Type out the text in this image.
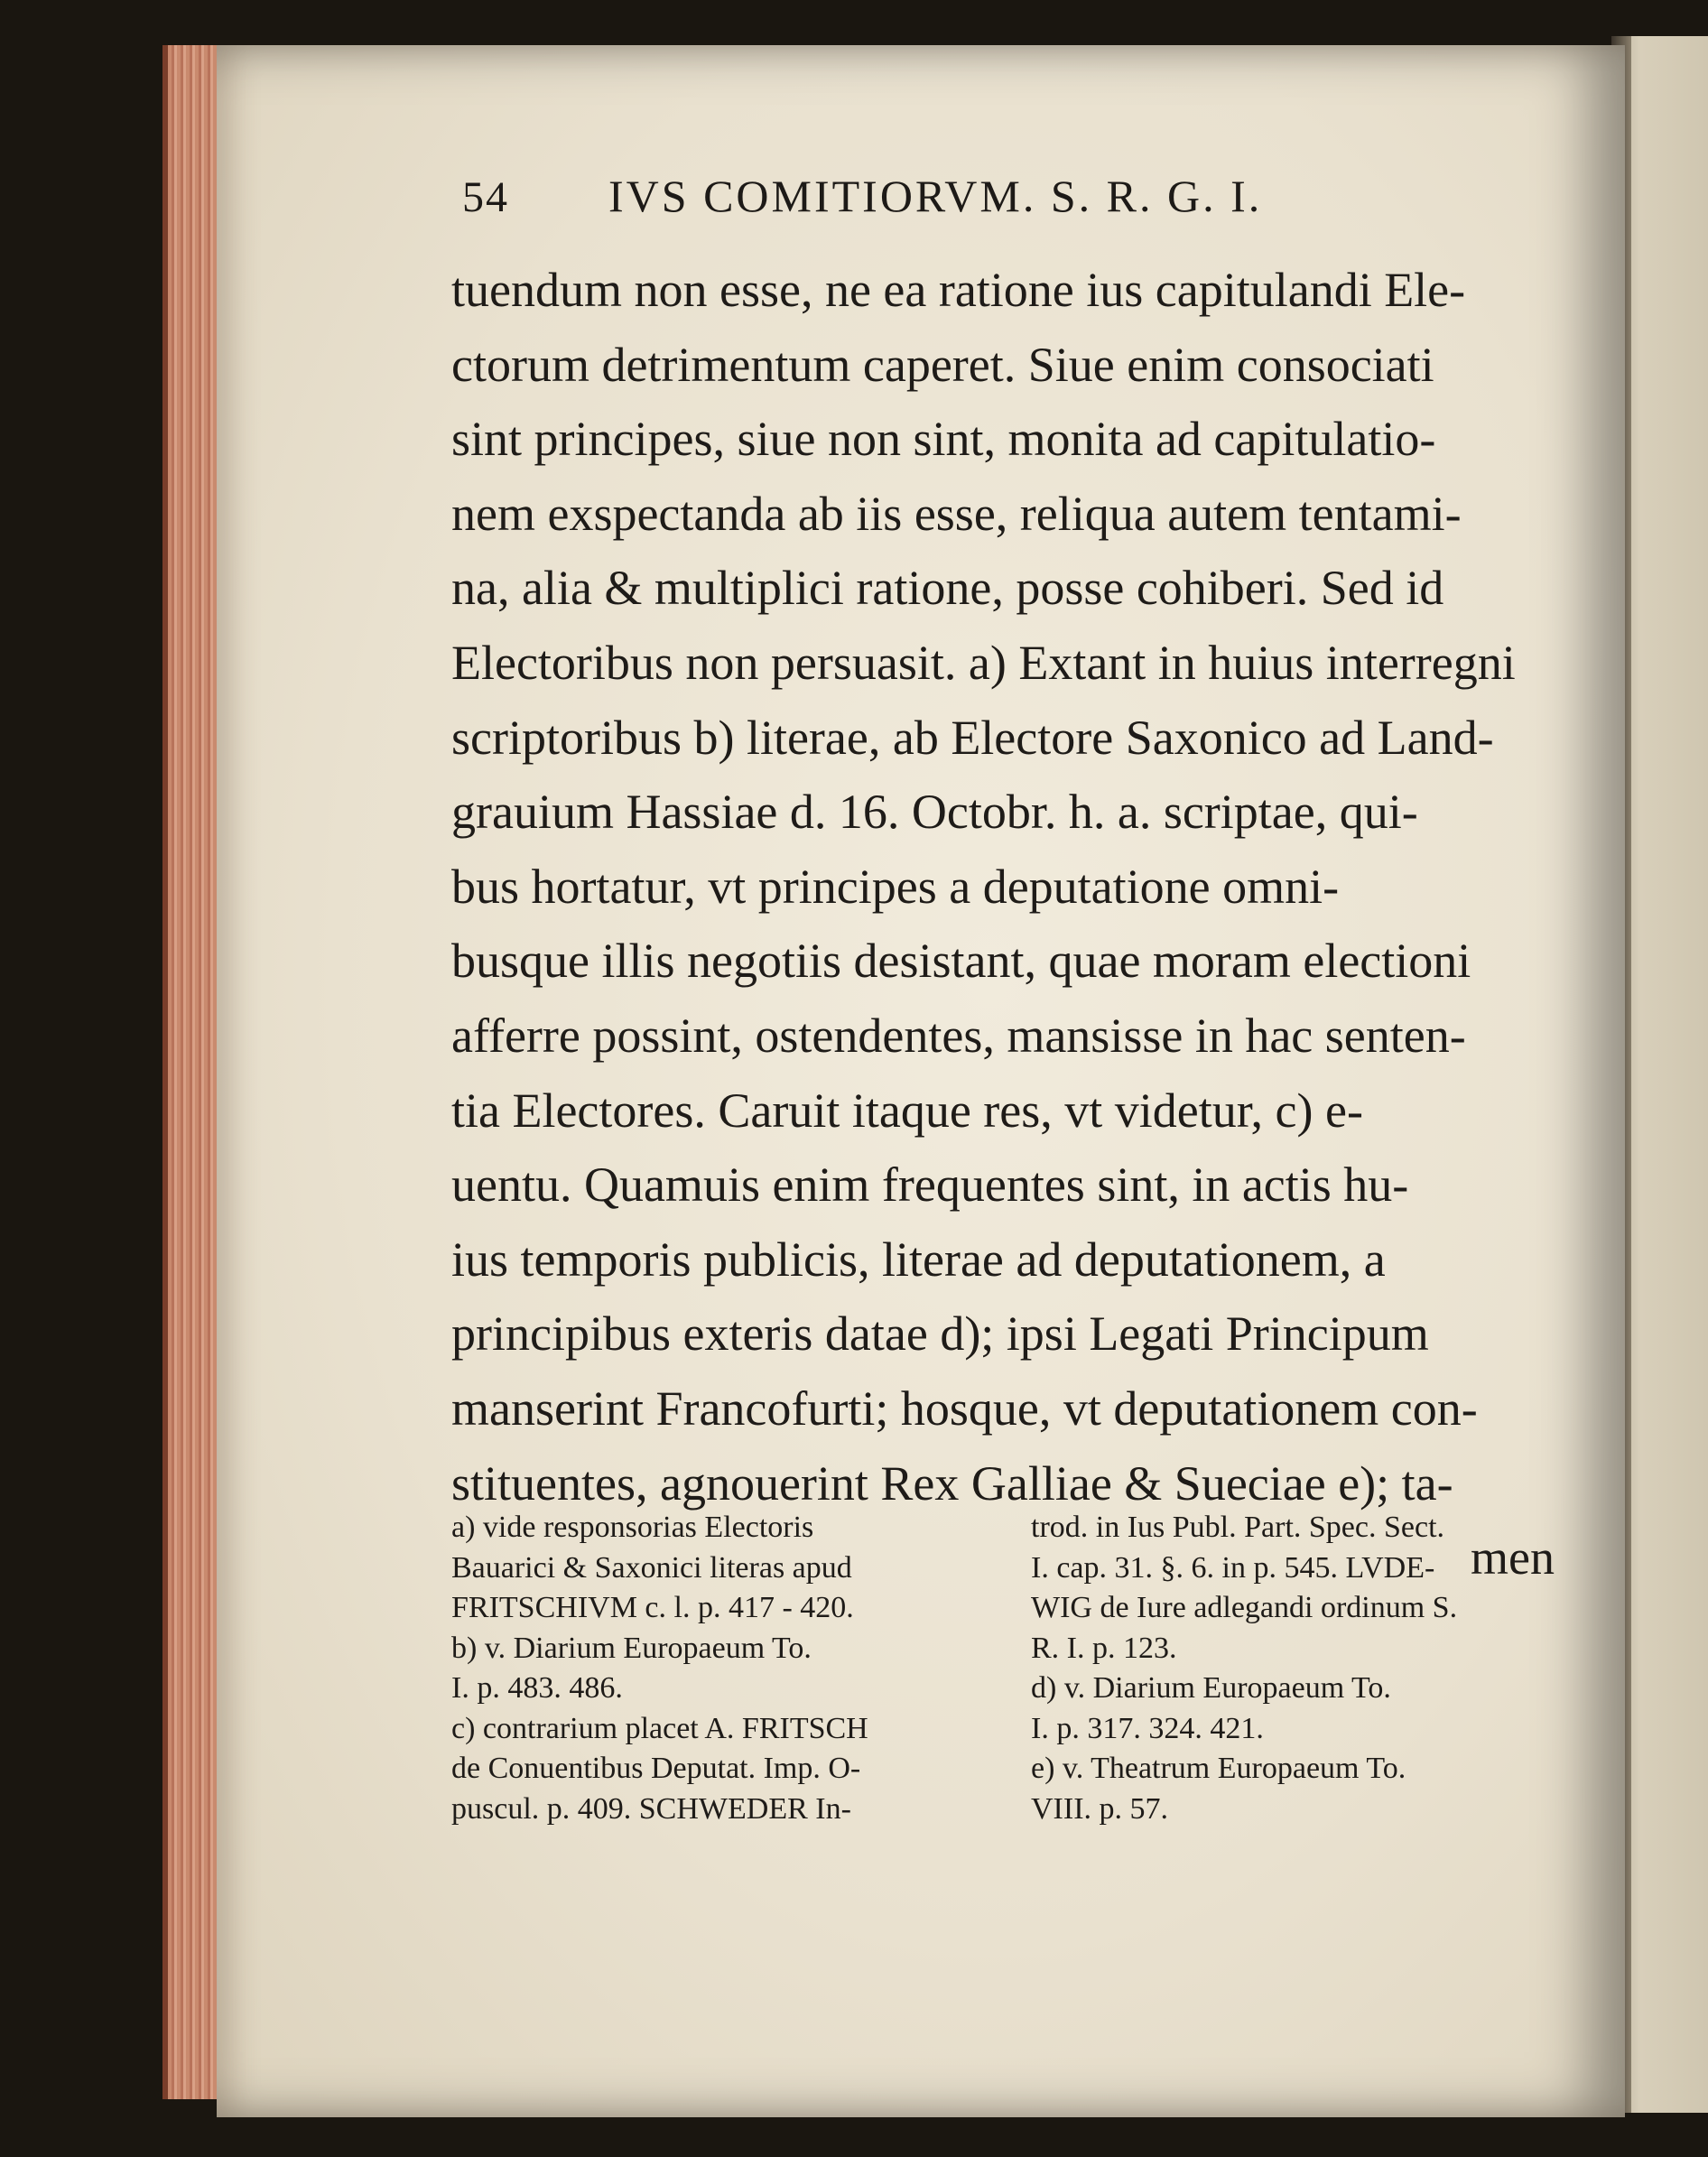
54 IVS COMITIORVM. S. R. G. I.
tuendum non esse, ne ea ratione ius capitulandi Ele-
ctorum detrimentum caperet. Siue enim consociati
sint principes, siue non sint, monita ad capitulatio-
nem exspectanda ab iis esse, reliqua autem tentami-
na, alia & multiplici ratione, posse cohiberi. Sed id
Electoribus non persuasit. a) Extant in huius interregni
scriptoribus b) literae, ab Electore Saxonico ad Land-
grauium Hassiae d. 16. Octobr. h. a. scriptae, qui-
bus hortatur, vt principes a deputatione omni-
busque illis negotiis desistant, quae moram electioni
afferre possint, ostendentes, mansisse in hac senten-
tia Electores. Caruit itaque res, vt videtur, c) e-
uentu. Quamuis enim frequentes sint, in actis hu-
ius temporis publicis, literae ad deputationem, a
principibus exteris datae d); ipsi Legati Principum
manserint Francofurti; hosque, vt deputationem con-
stituentes, agnouerint Rex Galliae & Sueciae e); ta-
men
a) vide responsorias Electoris
Bauarici & Saxonici literas apud
FRITSCHIVM c. l. p. 417 - 420.
b) v. Diarium Europaeum To.
I. p. 483. 486.
c) contrarium placet A. FRITSCH
de Conuentibus Deputat. Imp. O-
puscul. p. 409. SCHWEDER In-
trod. in Ius Publ. Part. Spec. Sect.
I. cap. 31. §. 6. in p. 545. LVDE-
WIG de Iure adlegandi ordinum S.
R. I. p. 123.
d) v. Diarium Europaeum To.
I. p. 317. 324. 421.
e) v. Theatrum Europaeum To.
VIII. p. 57.
